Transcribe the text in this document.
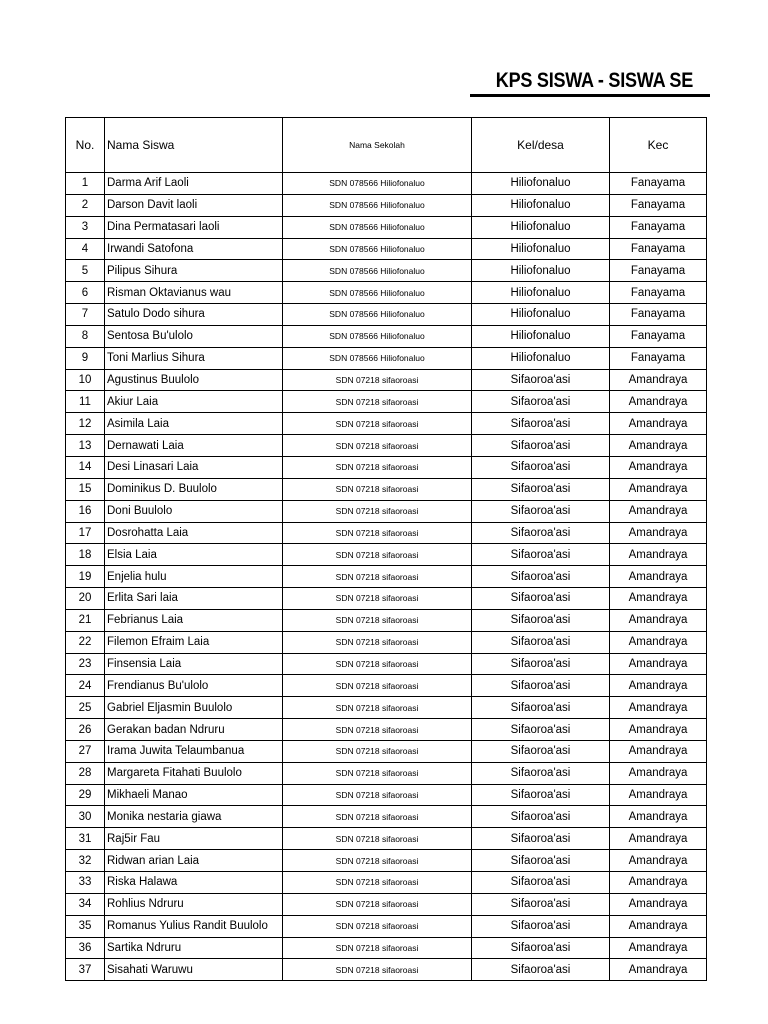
KPS SISWA - SISWA SE
No.	Nama Siswa	Nama Sekolah	Kel/desa	Kec
1	Darma Arif Laoli	SDN 078566 Hiliofonaluo	Hiliofonaluo	Fanayama
2	Darson Davit laoli	SDN 078566 Hiliofonaluo	Hiliofonaluo	Fanayama
3	Dina Permatasari laoli	SDN 078566 Hiliofonaluo	Hiliofonaluo	Fanayama
4	Irwandi Satofona	SDN 078566 Hiliofonaluo	Hiliofonaluo	Fanayama
5	Pilipus Sihura	SDN 078566 Hiliofonaluo	Hiliofonaluo	Fanayama
6	Risman Oktavianus wau	SDN 078566 Hiliofonaluo	Hiliofonaluo	Fanayama
7	Satulo Dodo sihura	SDN 078566 Hiliofonaluo	Hiliofonaluo	Fanayama
8	Sentosa Bu'ulolo	SDN 078566 Hiliofonaluo	Hiliofonaluo	Fanayama
9	Toni Marlius Sihura	SDN 078566 Hiliofonaluo	Hiliofonaluo	Fanayama
10	Agustinus Buulolo	SDN 07218 sifaoroasi	Sifaoroa'asi	Amandraya
11	Akiur Laia	SDN 07218 sifaoroasi	Sifaoroa'asi	Amandraya
12	Asimila Laia	SDN 07218 sifaoroasi	Sifaoroa'asi	Amandraya
13	Dernawati Laia	SDN 07218 sifaoroasi	Sifaoroa'asi	Amandraya
14	Desi Linasari Laia	SDN 07218 sifaoroasi	Sifaoroa'asi	Amandraya
15	Dominikus D. Buulolo	SDN 07218 sifaoroasi	Sifaoroa'asi	Amandraya
16	Doni Buulolo	SDN 07218 sifaoroasi	Sifaoroa'asi	Amandraya
17	Dosrohatta Laia	SDN 07218 sifaoroasi	Sifaoroa'asi	Amandraya
18	Elsia Laia	SDN 07218 sifaoroasi	Sifaoroa'asi	Amandraya
19	Enjelia hulu	SDN 07218 sifaoroasi	Sifaoroa'asi	Amandraya
20	Erlita Sari laia	SDN 07218 sifaoroasi	Sifaoroa'asi	Amandraya
21	Febrianus Laia	SDN 07218 sifaoroasi	Sifaoroa'asi	Amandraya
22	Filemon Efraim Laia	SDN 07218 sifaoroasi	Sifaoroa'asi	Amandraya
23	Finsensia Laia	SDN 07218 sifaoroasi	Sifaoroa'asi	Amandraya
24	Frendianus Bu'ulolo	SDN 07218 sifaoroasi	Sifaoroa'asi	Amandraya
25	Gabriel Eljasmin Buulolo	SDN 07218 sifaoroasi	Sifaoroa'asi	Amandraya
26	Gerakan badan Ndruru	SDN 07218 sifaoroasi	Sifaoroa'asi	Amandraya
27	Irama Juwita Telaumbanua	SDN 07218 sifaoroasi	Sifaoroa'asi	Amandraya
28	Margareta Fitahati Buulolo	SDN 07218 sifaoroasi	Sifaoroa'asi	Amandraya
29	Mikhaeli Manao	SDN 07218 sifaoroasi	Sifaoroa'asi	Amandraya
30	Monika nestaria giawa	SDN 07218 sifaoroasi	Sifaoroa'asi	Amandraya
31	Raj5ir Fau	SDN 07218 sifaoroasi	Sifaoroa'asi	Amandraya
32	Ridwan arian Laia	SDN 07218 sifaoroasi	Sifaoroa'asi	Amandraya
33	Riska Halawa	SDN 07218 sifaoroasi	Sifaoroa'asi	Amandraya
34	Rohlius Ndruru	SDN 07218 sifaoroasi	Sifaoroa'asi	Amandraya
35	Romanus Yulius Randit Buulolo	SDN 07218 sifaoroasi	Sifaoroa'asi	Amandraya
36	Sartika Ndruru	SDN 07218 sifaoroasi	Sifaoroa'asi	Amandraya
37	Sisahati Waruwu	SDN 07218 sifaoroasi	Sifaoroa'asi	Amandraya
